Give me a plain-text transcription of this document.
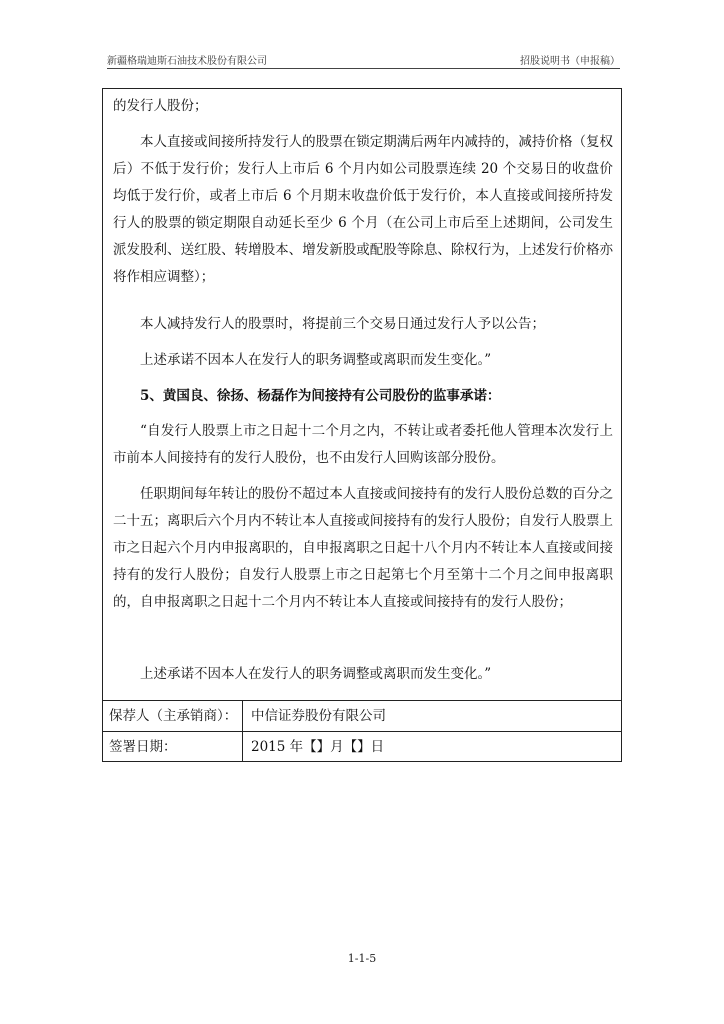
新疆格瑞迪斯石油技术股份有限公司	招股说明书（申报稿）

的发行人股份；

本人直接或间接所持发行人的股票在锁定期满后两年内减持的，减持价格（复权后）不低于发行价；发行人上市后 6 个月内如公司股票连续 20 个交易日的收盘价均低于发行价，或者上市后 6 个月期末收盘价低于发行价，本人直接或间接所持发行人的股票的锁定期限自动延长至少 6 个月（在公司上市后至上述期间，公司发生派发股利、送红股、转增股本、增发新股或配股等除息、除权行为，上述发行价格亦将作相应调整）；

本人减持发行人的股票时，将提前三个交易日通过发行人予以公告；

上述承诺不因本人在发行人的职务调整或离职而发生变化。”

5、黄国良、徐扬、杨磊作为间接持有公司股份的监事承诺：

“自发行人股票上市之日起十二个月之内，不转让或者委托他人管理本次发行上市前本人间接持有的发行人股份，也不由发行人回购该部分股份。

任职期间每年转让的股份不超过本人直接或间接持有的发行人股份总数的百分之二十五；离职后六个月内不转让本人直接或间接持有的发行人股份；自发行人股票上市之日起六个月内申报离职的，自申报离职之日起十八个月内不转让本人直接或间接持有的发行人股份；自发行人股票上市之日起第七个月至第十二个月之间申报离职的，自申报离职之日起十二个月内不转让本人直接或间接持有的发行人股份；

上述承诺不因本人在发行人的职务调整或离职而发生变化。”

保荐人（主承销商）：	中信证券股份有限公司
签署日期：	2015 年【】月【】日
1-1-5
